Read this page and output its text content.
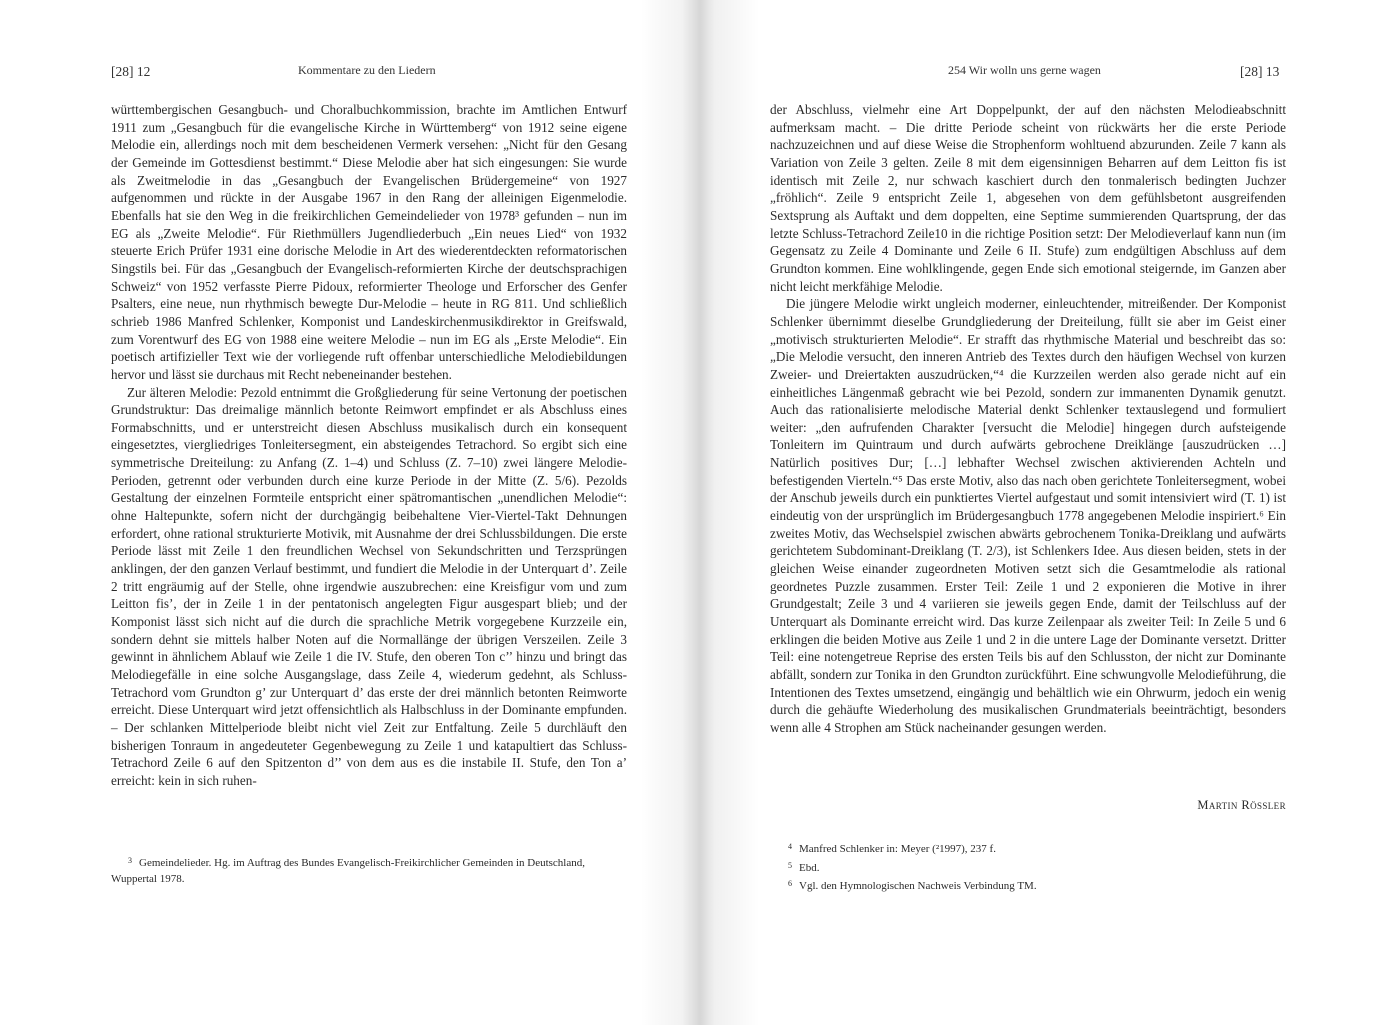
[28] 12	Kommentare zu den Liedern

württembergischen Gesangbuch- und Choralbuchkommission, brachte im Amtlichen Entwurf 1911 zum „Gesangbuch für die evangelische Kirche in Württemberg“ von 1912 seine eigene Melodie ein, allerdings noch mit dem bescheidenen Vermerk versehen: „Nicht für den Gesang der Gemeinde im Gottesdienst bestimmt.“ Diese Melodie aber hat sich eingesungen: Sie wurde als Zweitmelodie in das „Gesangbuch der Evangelischen Brüdergemeine“ von 1927 aufgenommen und rückte in der Ausgabe 1967 in den Rang der alleinigen Eigenmelodie. Ebenfalls hat sie den Weg in die freikirchlichen Gemeindelieder von 1978³ gefunden – nun im EG als „Zweite Melodie“. Für Riethmüllers Jugendliederbuch „Ein neues Lied“ von 1932 steuerte Erich Prüfer 1931 eine dorische Melodie in Art des wiederentdeckten reformatorischen Singstils bei. Für das „Gesangbuch der Evangelisch-reformierten Kirche der deutschsprachigen Schweiz“ von 1952 verfasste Pierre Pidoux, reformierter Theologe und Erforscher des Genfer Psalters, eine neue, nun rhythmisch bewegte Dur-Melodie – heute in RG 811. Und schließlich schrieb 1986 Manfred Schlenker, Komponist und Landeskirchenmusikdirektor in Greifswald, zum Vorentwurf des EG von 1988 eine weitere Melodie – nun im EG als „Erste Melodie“. Ein poetisch artifizieller Text wie der vorliegende ruft offenbar unterschiedliche Melodiebildungen hervor und lässt sie durchaus mit Recht nebeneinander bestehen.

Zur älteren Melodie: Pezold entnimmt die Großgliederung für seine Vertonung der poetischen Grundstruktur: Das dreimalige männlich betonte Reimwort empfindet er als Abschluss eines Formabschnitts, und er unterstreicht diesen Abschluss musikalisch durch ein konsequent eingesetztes, viergliedriges Tonleitersegment, ein absteigendes Tetrachord. So ergibt sich eine symmetrische Dreiteilung: zu Anfang (Z. 1–4) und Schluss (Z. 7–10) zwei längere Melodie-Perioden, getrennt oder verbunden durch eine kurze Periode in der Mitte (Z. 5/6). Pezolds Gestaltung der einzelnen Formteile entspricht einer spätromantischen „unendlichen Melodie“: ohne Haltepunkte, sofern nicht der durchgängig beibehaltene Vier-Viertel-Takt Dehnungen erfordert, ohne rational strukturierte Motivik, mit Ausnahme der drei Schlussbildungen. Die erste Periode lässt mit Zeile 1 den freundlichen Wechsel von Sekundschritten und Terzsprüngen anklingen, der den ganzen Verlauf bestimmt, und fundiert die Melodie in der Unterquart d’. Zeile 2 tritt engräumig auf der Stelle, ohne irgendwie auszubrechen: eine Kreisfigur vom und zum Leitton fis’, der in Zeile 1 in der pentatonisch angelegten Figur ausgespart blieb; und der Komponist lässt sich nicht auf die durch die sprachliche Metrik vorgegebene Kurzzeile ein, sondern dehnt sie mittels halber Noten auf die Normallänge der übrigen Verszeilen. Zeile 3 gewinnt in ähnlichem Ablauf wie Zeile 1 die IV. Stufe, den oberen Ton c’’ hinzu und bringt das Melodiegefälle in eine solche Ausgangslage, dass Zeile 4, wiederum gedehnt, als Schluss-Tetrachord vom Grundton g’ zur Unterquart d’ das erste der drei männlich betonten Reimworte erreicht. Diese Unterquart wird jetzt offensichtlich als Halbschluss in der Dominante empfunden. – Der schlanken Mittelperiode bleibt nicht viel Zeit zur Entfaltung. Zeile 5 durchläuft den bisherigen Tonraum in angedeuteter Gegenbewegung zu Zeile 1 und katapultiert das Schluss-Tetrachord Zeile 6 auf den Spitzenton d’’ von dem aus es die instabile II. Stufe, den Ton a’ erreicht: kein in sich ruhen-

$^3$ Gemeindelieder. Hg. im Auftrag des Bundes Evangelisch-Freikirchlicher Gemeinden in Deutschland, Wuppertal 1978.

254 Wir wolln uns gerne wagen	[28] 13

der Abschluss, vielmehr eine Art Doppelpunkt, der auf den nächsten Melodieabschnitt aufmerksam macht. – Die dritte Periode scheint von rückwärts her die erste Periode nachzuzeichnen und auf diese Weise die Strophenform wohltuend abzurunden. Zeile 7 kann als Variation von Zeile 3 gelten. Zeile 8 mit dem eigensinnigen Beharren auf dem Leitton fis ist identisch mit Zeile 2, nur schwach kaschiert durch den tonmalerisch bedingten Juchzer „fröhlich“. Zeile 9 entspricht Zeile 1, abgesehen von dem gefühlsbetont ausgreifenden Sextsprung als Auftakt und dem doppelten, eine Septime summierenden Quartsprung, der das letzte Schluss-Tetrachord Zeile10 in die richtige Position setzt: Der Melodieverlauf kann nun (im Gegensatz zu Zeile 4 Dominante und Zeile 6 II. Stufe) zum endgültigen Abschluss auf dem Grundton kommen. Eine wohlklingende, gegen Ende sich emotional steigernde, im Ganzen aber nicht leicht merkfähige Melodie.

Die jüngere Melodie wirkt ungleich moderner, einleuchtender, mitreißender. Der Komponist Schlenker übernimmt dieselbe Grundgliederung der Dreiteilung, füllt sie aber im Geist einer „motivisch strukturierten Melodie“. Er strafft das rhythmische Material und beschreibt das so: „Die Melodie versucht, den inneren Antrieb des Textes durch den häufigen Wechsel von kurzen Zweier- und Dreiertakten auszudrücken,“⁴ die Kurzzeilen werden also gerade nicht auf ein einheitliches Längenmaß gebracht wie bei Pezold, sondern zur immanenten Dynamik genutzt. Auch das rationalisierte melodische Material denkt Schlenker textauslegend und formuliert weiter: „den aufrufenden Charakter [versucht die Melodie] hingegen durch aufsteigende Tonleitern im Quintraum und durch aufwärts gebrochene Dreiklänge [auszudrücken …] Natürlich positives Dur; […] lebhafter Wechsel zwischen aktivierenden Achteln und befestigenden Vierteln.“⁵ Das erste Motiv, also das nach oben gerichtete Tonleitersegment, wobei der Anschub jeweils durch ein punktiertes Viertel aufgestaut und somit intensiviert wird (T. 1) ist eindeutig von der ursprünglich im Brüdergesangbuch 1778 angegebenen Melodie inspiriert.⁶ Ein zweites Motiv, das Wechselspiel zwischen abwärts gebrochenem Tonika-Dreiklang und aufwärts gerichtetem Subdominant-Dreiklang (T. 2/3), ist Schlenkers Idee. Aus diesen beiden, stets in der gleichen Weise einander zugeordneten Motiven setzt sich die Gesamtmelodie als rational geordnetes Puzzle zusammen. Erster Teil: Zeile 1 und 2 exponieren die Motive in ihrer Grundgestalt; Zeile 3 und 4 variieren sie jeweils gegen Ende, damit der Teilschluss auf der Unterquart als Dominante erreicht wird. Das kurze Zeilenpaar als zweiter Teil: In Zeile 5 und 6 erklingen die beiden Motive aus Zeile 1 und 2 in die untere Lage der Dominante versetzt. Dritter Teil: eine notengetreue Reprise des ersten Teils bis auf den Schlusston, der nicht zur Dominante abfällt, sondern zur Tonika in den Grundton zurückführt. Eine schwungvolle Melodieführung, die Intentionen des Textes umsetzend, eingängig und behältlich wie ein Ohrwurm, jedoch ein wenig durch die gehäufte Wiederholung des musikalischen Grundmaterials beeinträchtigt, besonders wenn alle 4 Strophen am Stück nacheinander gesungen werden.

Martin Rössler

$^4$ Manfred Schlenker in: Meyer (²1997), 237 f.

$^5$ Ebd.

$^6$ Vgl. den Hymnologischen Nachweis Verbindung TM.
